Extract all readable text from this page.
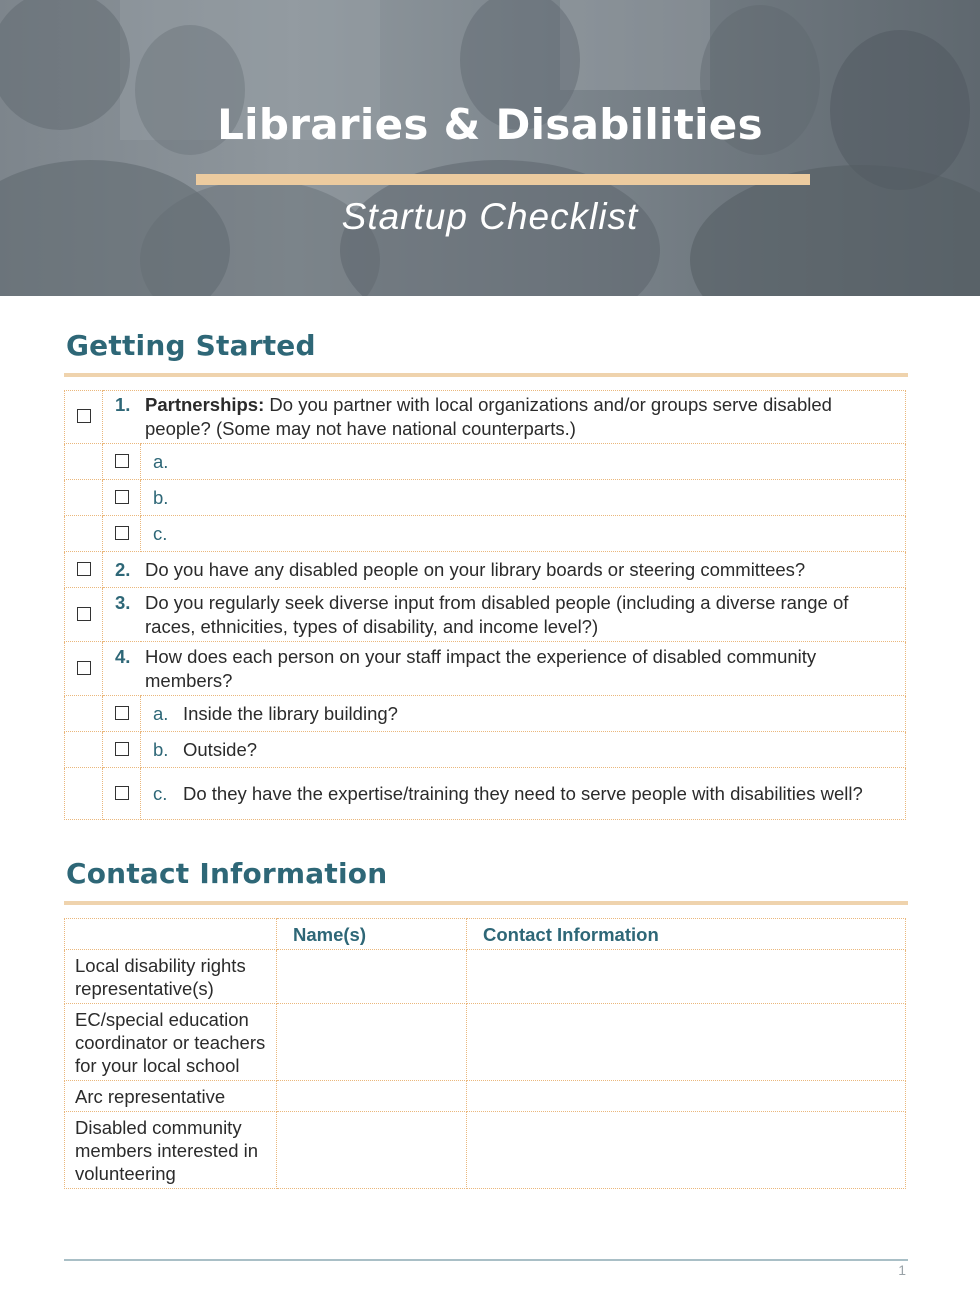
Libraries & Disabilities
Startup Checklist
Getting Started

	1. Partnerships: Do you partner with local organizations and/or groups serve disabled people? (Some may not have national counterparts.)	

		a.

		b.

		c.

	2. Do you have any disabled people on your library boards or steering committees?	

	3. Do you regularly seek diverse input from disabled people (including a diverse range of races, ethnicities, types of disability, and income level?)	

	4. How does each person on your staff impact the experience of disabled community members?	

		a. Inside the library building?

		b. Outside?

		c. Do they have the expertise/training they need to serve people with disabilities well?
Contact Information
	Name(s)	Contact Information
Local disability rights representative(s)		
EC/special education coordinator or teachers for your local school		
Arc representative		
Disabled community members interested in volunteering		
1
